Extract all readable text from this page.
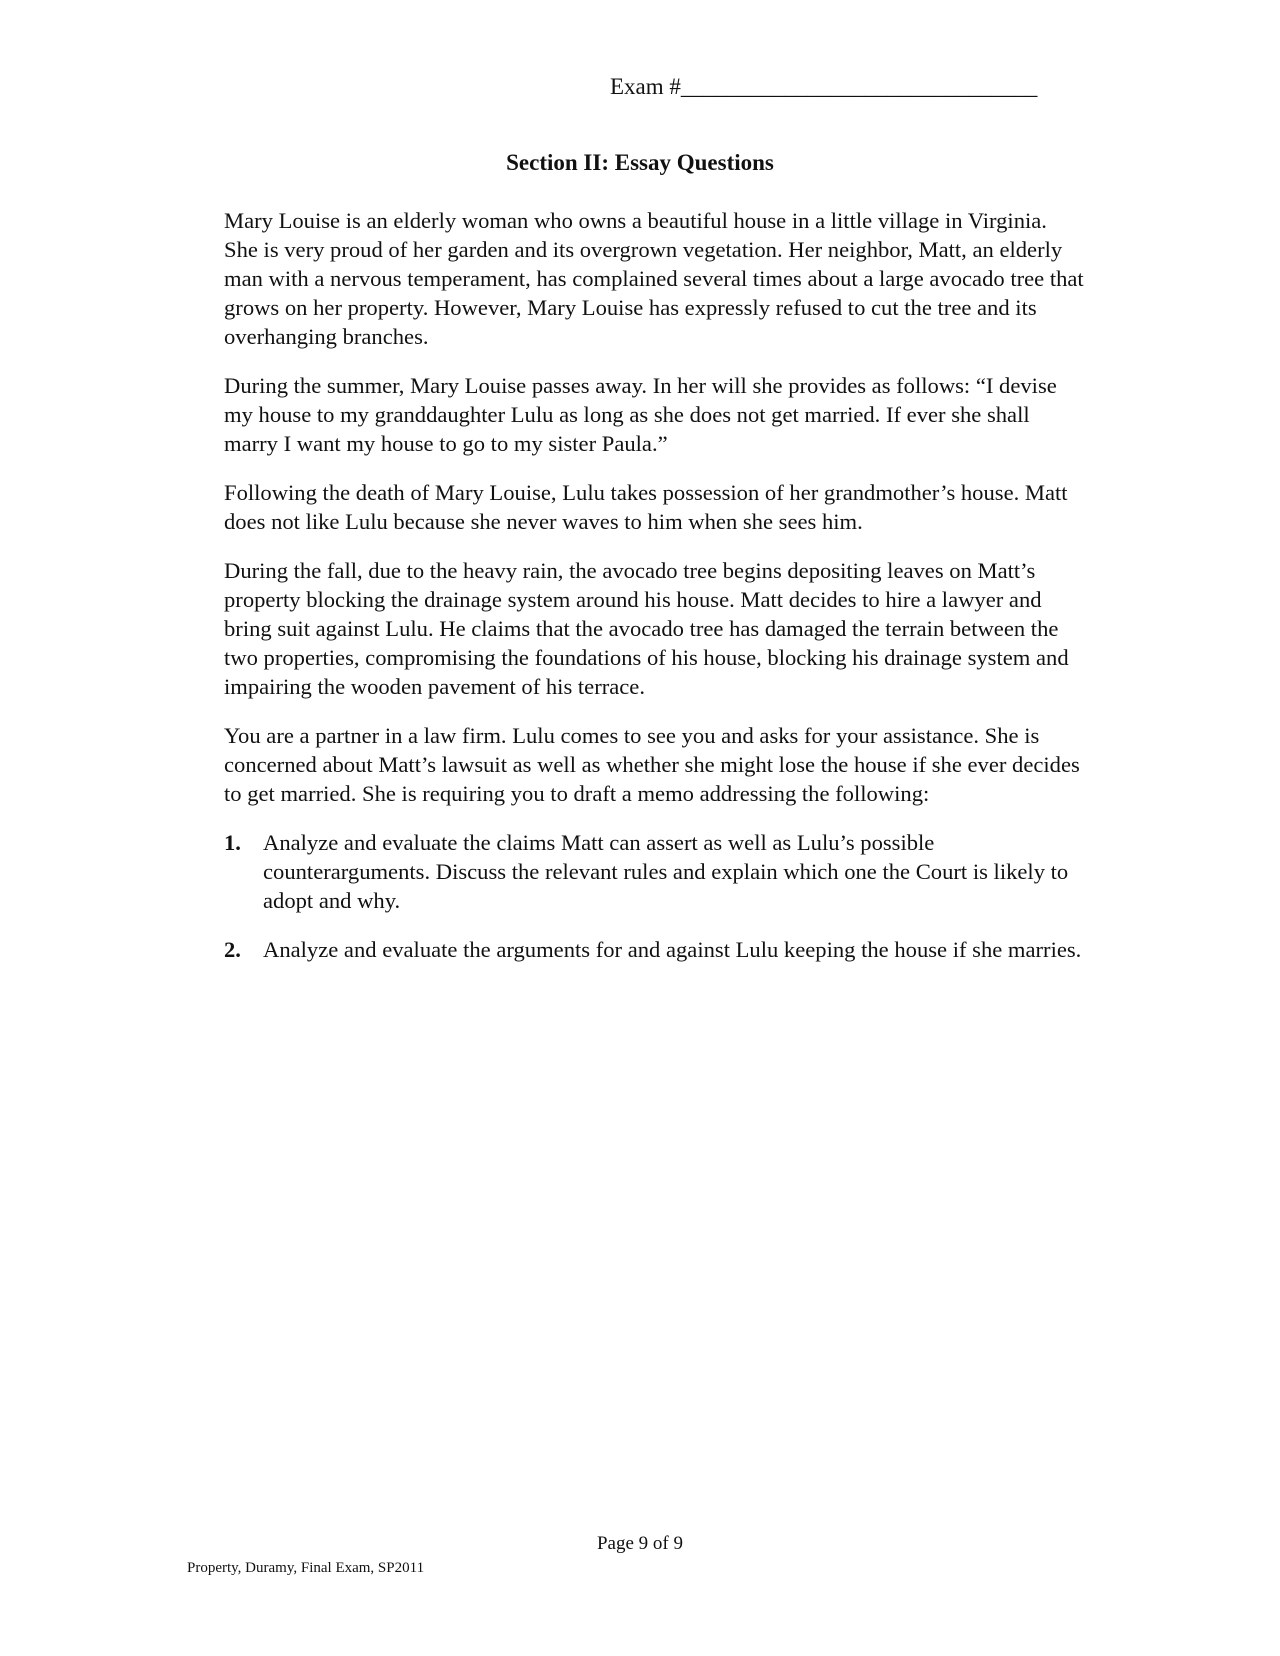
Exam #_______________________________
Section II: Essay Questions

Mary Louise is an elderly woman who owns a beautiful house in a little village in Virginia. She is very proud of her garden and its overgrown vegetation. Her neighbor, Matt, an elderly man with a nervous temperament, has complained several times about a large avocado tree that grows on her property. However, Mary Louise has expressly refused to cut the tree and its overhanging branches.

During the summer, Mary Louise passes away. In her will she provides as follows: “I devise my house to my granddaughter Lulu as long as she does not get married. If ever she shall marry I want my house to go to my sister Paula.”

Following the death of Mary Louise, Lulu takes possession of her grandmother’s house. Matt does not like Lulu because she never waves to him when she sees him.

During the fall, due to the heavy rain, the avocado tree begins depositing leaves on Matt’s property blocking the drainage system around his house. Matt decides to hire a lawyer and bring suit against Lulu. He claims that the avocado tree has damaged the terrain between the two properties, compromising the foundations of his house, blocking his drainage system and impairing the wooden pavement of his terrace.

You are a partner in a law firm. Lulu comes to see you and asks for your assistance. She is concerned about Matt’s lawsuit as well as whether she might lose the house if she ever decides to get married. She is requiring you to draft a memo addressing the following:

1. Analyze and evaluate the claims Matt can assert as well as Lulu’s possible counterarguments. Discuss the relevant rules and explain which one the Court is likely to adopt and why.
2. Analyze and evaluate the arguments for and against Lulu keeping the house if she marries.
Page 9 of 9
Property, Duramy, Final Exam, SP2011
